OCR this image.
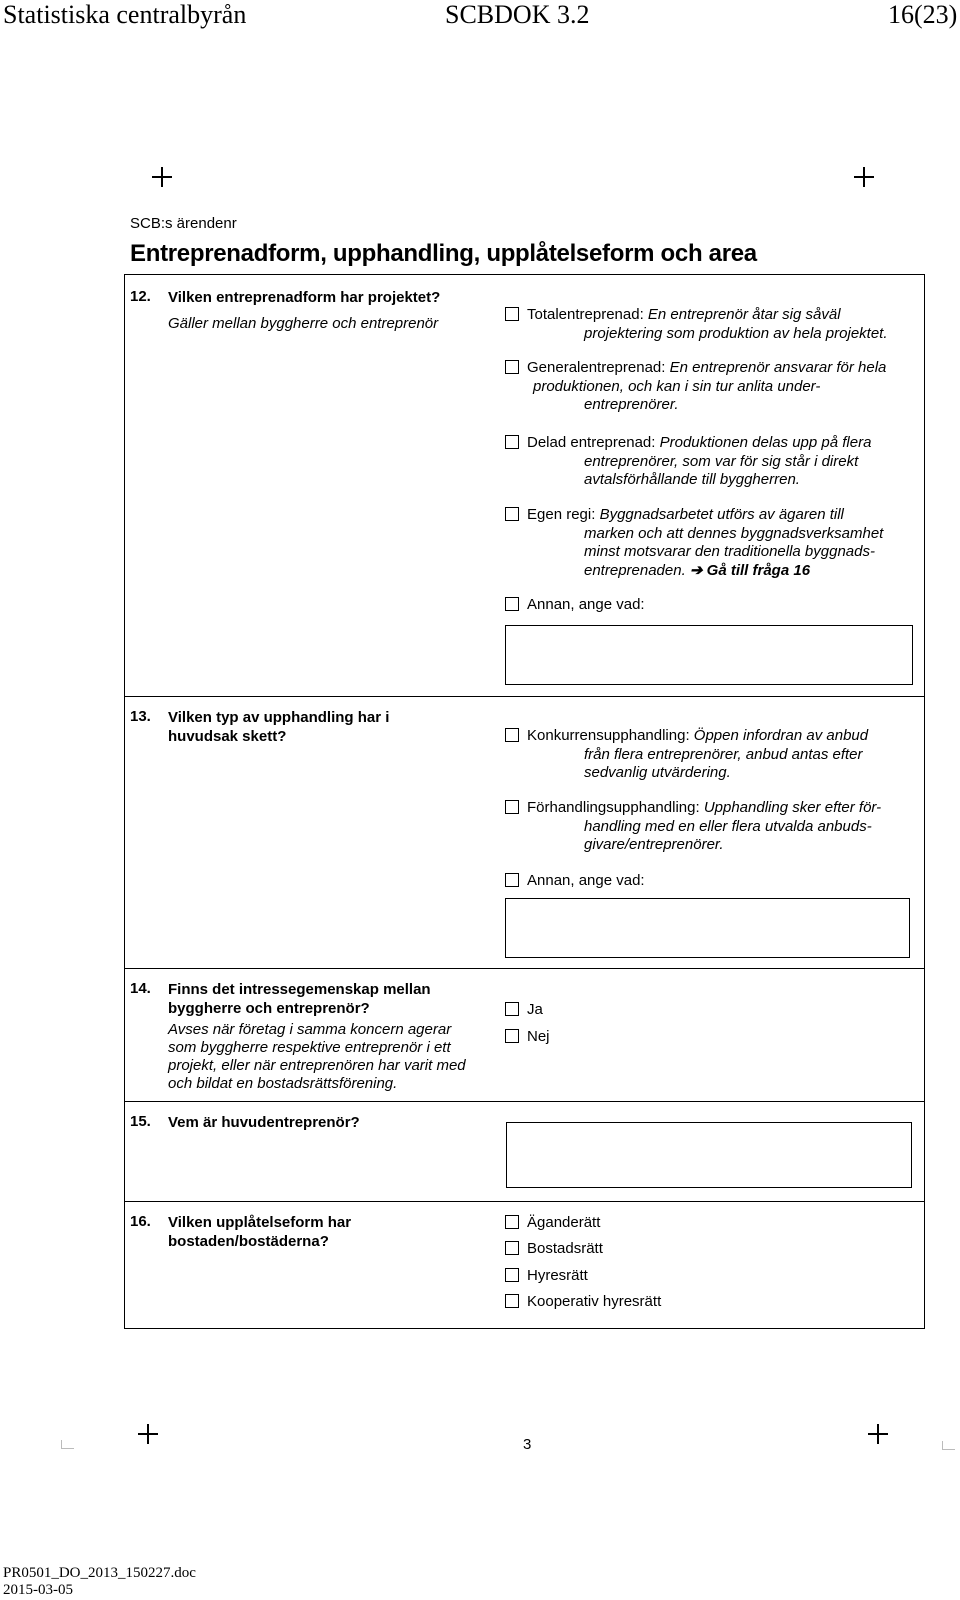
Statistiska centralbyrån	SCBDOK 3.2	16(23)
SCB:s ärendenr
Entreprenadform, upphandling, upplåtelseform och area
12. Vilken entreprenadform har projektet?
Gäller mellan byggherre och entreprenör
Totalentreprenad: En entreprenör åtar sig såväl
projektering som produktion av hela projektet.
Generalentreprenad: En entreprenör ansvarar för hela
produktionen, och kan i sin tur anlita under-
entreprenörer.
Delad entreprenad: Produktionen delas upp på flera
entreprenörer, som var för sig står i direkt
avtalsförhållande till byggherren.
Egen regi: Byggnadsarbetet utförs av ägaren till
marken och att dennes byggnadsverksamhet
minst motsvarar den traditionella byggnads-
entreprenaden. ➔ Gå till fråga 16
Annan, ange vad:
13. Vilken typ av upphandling har i huvudsak skett?	Konkurrensupphandling: Öppen infordran av anbud
från flera entreprenörer, anbud antas efter
sedvanlig utvärdering.
Förhandlingsupphandling: Upphandling sker efter för-
handling med en eller flera utvalda anbuds-
givare/entreprenörer.
Annan, ange vad:
14. Finns det intressegemenskap mellan byggherre och entreprenör?
Avses när företag i samma koncern agerar som byggherre respektive entreprenör i ett projekt, eller när entreprenören har varit med och bildat en bostadsrättsförening.
Ja
Nej
15. Vem är huvudentreprenör?
16. Vilken upplåtelseform har bostaden/bostäderna?
Äganderätt
Bostadsrätt
Hyresrätt
Kooperativ hyresrätt
3
PR0501_DO_2013_150227.doc
2015-03-05
